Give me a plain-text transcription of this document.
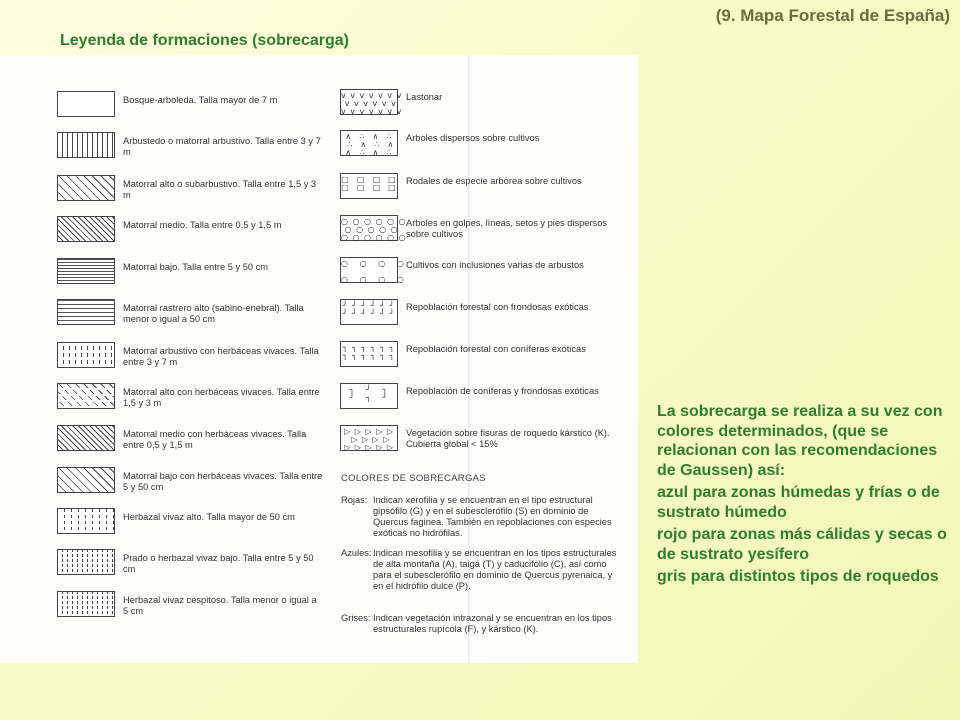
(9. Mapa Forestal de España)
Leyenda de formaciones (sobrecarga)
Bosque-arboleda. Talla mayor de 7 m
Arbustedo o matorral arbustivo. Talla entre 3 y 7 m
Matorral alto o subarbustivo. Talla entre 1,5 y 3 m
Matorral medio. Talla entre 0,5 y 1,5 m
Matorral bajo. Talla entre 5 y 50 cm
Matorral rastrero alto (sabino-enebral). Talla menor o igual a 50 cm
Matorral arbustivo con herbáceas vivaces. Talla entre 3 y 7 m
Matorral alto con herbáceas vivaces. Talla entre 1,5 y 3 m
Matorral medio con herbáceas vivaces. Talla entre 0,5 y 1,5 m
Matorral bajo con herbáceas vivaces. Talla entre 5 y 50 cm
Herbazal vivaz alto. Talla mayor de 50 cm
Prado o herbazal vivaz bajo. Talla entre 5 y 50 cm
Herbazal vivaz cespitoso. Talla menor o igual a 5 cm
v v v v v v v
v v v v v v
v v v v v v v
Lastonar
∧  ∴  ∧  ∴
∴  ∧  ∴  ∧
∧  ∴  ∧  ∴
Arboles dispersos sobre cultivos
□  □  □  □
□  □  □  □
Rodales de especie arbórea sobre cultivos
○ ○ ○ ○ ○ ○
○ ○ ○ ○ ○
○ ○ ○ ○ ○ ○
Arboles en golpes, líneas, setos y pies dispersos sobre cultivos
○   ○   ○   ○

○   ○   ○   ○
Cultivos con inclusiones varias de arbustos
┘ ┘ ┘ ┘ ┘ ┘
┘ ┘ ┘ ┘ ┘ ┘
Repoblación forestal con frondosas exóticas
┐ ┐ ┐ ┐ ┐ ┐
┐ ┐ ┐ ┐ ┐ ┐
Repoblación forestal con coníferas exóticas
┐   ┘   ┐
┘   ┐   ┘
Repoblación de coníferas y frondosas exóticas
▷ ▷ ▷ ▷ ▷
▷ ▷ ▷ ▷
▷ ▷ ▷ ▷ ▷
Vegetación sobre fisuras de roquedo kárstico (K). Cubierta global < 15%
COLORES DE SOBRECARGAS
Rojas: Indican xerofilia y se encuentran en el tipo estructural gipsófilo (G) y en el subesclerófilo (S) en dominio de Quercus faginea. También en repoblaciones con especies exóticas no hidrófilas.
Azules: Indican mesofilia y se encuentran en los tipos estructurales de alta montaña (A), taigá (T) y caducifolio (C), así como para el subesclerófilo en dominio de Quercus pyrenaica, y en el hidrófilo dulce (P).
Grises: Indican vegetación intrazonal y se encuentran en los tipos estructurales rupícola (F), y kárstico (K).

La sobrecarga se realiza a su vez con colores determinados, (que se relacionan con las recomendaciones de Gaussen) así:

azul para zonas húmedas y frías o de sustrato húmedo

rojo para zonas más cálidas y secas o de sustrato yesífero

gris para distintos tipos de roquedos
